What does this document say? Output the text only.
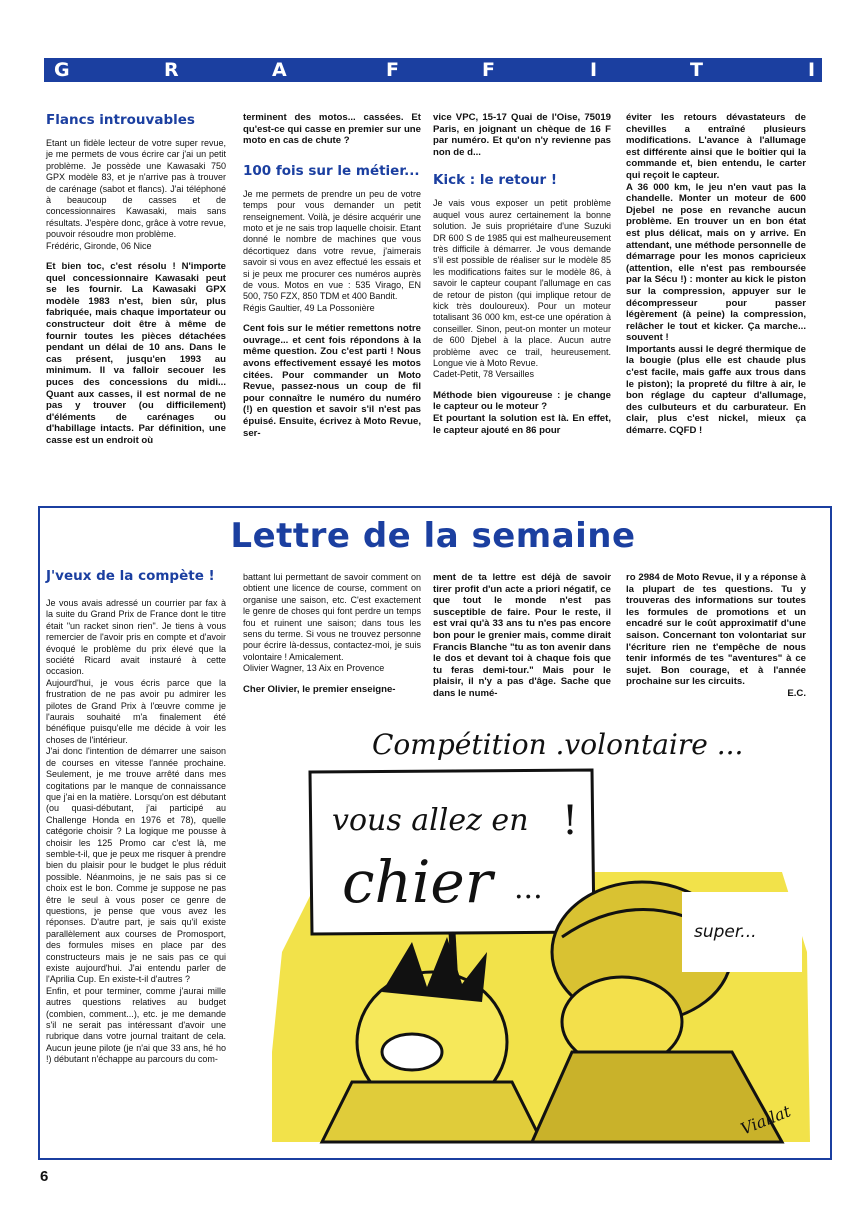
G	R	A	F	F	I	T	I
Flancs introuvables

Etant un fidèle lecteur de votre super revue, je me permets de vous écrire car j'ai un petit problème. Je possède une Kawasaki 750 GPX modèle 83, et je n'arrive pas à trouver de carénage (sabot et flancs). J'ai téléphoné à beaucoup de casses et de concessionnaires Kawasaki, mais sans résultats. J'espère donc, grâce à votre revue, pouvoir résoudre mon problème.

Frédéric, Gironde, 06 Nice

Et bien toc, c'est résolu ! N'importe quel concessionnaire Kawasaki peut se les fournir. La Kawasaki GPX modèle 1983 n'est, bien sûr, plus fabriquée, mais chaque importateur ou constructeur doit être à même de fournir toutes les pièces détachées pendant un délai de 10 ans. Dans le cas présent, jusqu'en 1993 au minimum. Il va falloir secouer les puces des concessions du midi... Quant aux casses, il est normal de ne pas y trouver (ou difficilement) d'éléments de carénages ou d'habillage intacts. Par définition, une casse est un endroit où

terminent des motos... cassées. Et qu'est-ce qui casse en premier sur une moto en cas de chute ?

100 fois sur le métier...

Je me permets de prendre un peu de votre temps pour vous demander un petit renseignement. Voilà, je désire acquérir une moto et je ne sais trop laquelle choisir. Etant donné le nombre de machines que vous décortiquez dans votre revue, j'aimerais savoir si vous en avez effectué les essais et si je peux me procurer ces numéros auprès de vous. Motos en vue : 535 Virago, EN 500, 750 FZX, 850 TDM et 400 Bandit.

Régis Gaultier, 49 La Possonière

Cent fois sur le métier remettons notre ouvrage... et cent fois répondons à la même question. Zou c'est parti ! Nous avons effectivement essayé les motos citées. Pour commander un Moto Revue, passez-nous un coup de fil pour connaître le numéro du numéro (!) en question et savoir s'il n'est pas épuisé. Ensuite, écrivez à Moto Revue, ser-

vice VPC, 15-17 Quai de l'Oise, 75019 Paris, en joignant un chèque de 16 F par numéro. Et qu'on n'y revienne pas non de d...

Kick : le retour !

Je vais vous exposer un petit problème auquel vous aurez certainement la bonne solution. Je suis propriétaire d'une Suzuki DR 600 S de 1985 qui est malheureusement très difficile à démarrer. Je vous demande s'il est possible de réaliser sur le modèle 85 les modifications faites sur le modèle 86, à savoir le capteur coupant l'allumage en cas de retour de piston (qui implique retour de kick très douloureux). Pour un moteur totalisant 36 000 km, est-ce une opération à conseiller. Sinon, peut-on monter un moteur de 600 Djebel à la place. Aucun autre problème avec ce trail, heureusement. Longue vie à Moto Revue.

Cadet-Petit, 78 Versailles

Méthode bien vigoureuse : je change le capteur ou le moteur ?

Et pourtant la solution est là. En effet, le capteur ajouté en 86 pour

éviter les retours dévastateurs de chevilles a entraîné plusieurs modifications. L'avance à l'allumage est différente ainsi que le boîtier qui la commande et, bien entendu, le carter qui reçoit le capteur.

A 36 000 km, le jeu n'en vaut pas la chandelle. Monter un moteur de 600 Djebel ne pose en revanche aucun problème. En trouver un en bon état est plus délicat, mais on y arrive. En attendant, une méthode personnelle de démarrage pour les monos capricieux (attention, elle n'est pas remboursée par la Sécu !) : monter au kick le piston sur la compression, appuyer sur le décompresseur pour passer légèrement (à peine) la compression, relâcher le tout et kicker. Ça marche... souvent !

Importants aussi le degré thermique de la bougie (plus elle est chaude plus c'est facile, mais gaffe aux trous dans le piston); la propreté du filtre à air, le bon réglage du capteur d'allumage, des culbuteurs et du carburateur. En clair, plus c'est nickel, mieux ça démarre. CQFD !

Lettre de la semaine
J'veux de la compète !

Je vous avais adressé un courrier par fax à la suite du Grand Prix de France dont le titre était "un racket sinon rien". Je tiens à vous remercier de l'avoir pris en compte et d'avoir évoqué le problème du prix élevé que la société Ricard avait instauré à cette occasion.

Aujourd'hui, je vous écris parce que la frustration de ne pas avoir pu admirer les pilotes de Grand Prix à l'œuvre comme je l'aurais souhaité m'a finalement été bénéfique puisqu'elle me décide à voir les choses de l'intérieur.

J'ai donc l'intention de démarrer une saison de courses en vitesse l'année prochaine. Seulement, je me trouve arrêté dans mes cogitations par le manque de connaissance que j'ai en la matière. Lorsqu'on est débutant (ou quasi-débutant, j'ai participé au Challenge Honda en 1976 et 78), quelle catégorie choisir ? La logique me pousse à choisir les 125 Promo car c'est là, me semble-t-il, que je peux me risquer à prendre bien du plaisir pour le budget le plus réduit possible. Néanmoins, je ne sais pas si ce choix est le bon. Comme je suppose ne pas être le seul à vous poser ce genre de questions, je pense que vous avez les réponses. D'autre part, je sais qu'il existe parallèlement aux courses de Promosport, des formules mises en place par des constructeurs mais je ne sais pas ce qui existe aujourd'hui. J'ai entendu parler de l'Aprilia Cup. En existe-t-il d'autres ?

Enfin, et pour terminer, comme j'aurai mille autres questions relatives au budget (combien, comment...), etc. je me demande s'il ne serait pas intéressant d'avoir une rubrique dans votre journal traitant de cela. Aucun jeune pilote (je n'ai que 33 ans, hé ho !) débutant n'échappe au parcours du com-

battant lui permettant de savoir comment on obtient une licence de course, comment on organise une saison, etc. C'est exactement le genre de choses qui font perdre un temps fou et ruinent une saison; dans tous les sens du terme. Si vous ne trouvez personne pour écrire là-dessus, contactez-moi, je suis volontaire ! Amicalement.

Olivier Wagner, 13 Aix en Provence

Cher Olivier, le premier enseigne-

ment de ta lettre est déjà de savoir tirer profit d'un acte a priori négatif, ce que tout le monde n'est pas susceptible de faire. Pour le reste, il est vrai qu'à 33 ans tu n'es pas encore bon pour le grenier mais, comme dirait Francis Blanche "tu as ton avenir dans le dos et devant toi à chaque fois que tu feras demi-tour." Mais pour le plaisir, il n'y a pas d'âge. Sache que dans le numé-

ro 2984 de Moto Revue, il y a réponse à la plupart de tes questions. Tu y trouveras des informations sur toutes les formules de promotions et un encadré sur le coût approximatif d'une saison. Concernant ton volontariat sur l'écriture rien ne t'empêche de nous tenir informés de tes "aventures" à ce sujet. Bon courage, et à l'année prochaine sur les circuits.

E.C.

Compétition .volontaire ...
vous allez en !
chier ...
super...
Viallat
6
